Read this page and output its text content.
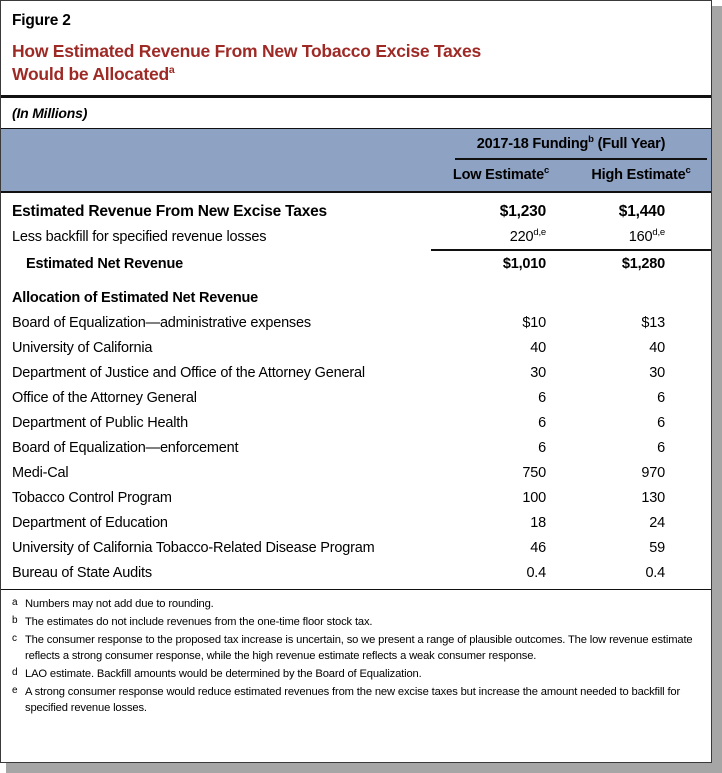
Figure 2
How Estimated Revenue From New Tobacco Excise Taxes
Would be Allocated$^a$
(In Millions)

	2017-18 Funding$^b$ (Full Year)	

	Low Estimate$^c$	High Estimate$^c$

Estimated Revenue From New Excise Taxes	$1,230	$1,440
Less backfill for specified revenue losses	220$^{d,e}$	160$^{d,e}$

Estimated Net Revenue	$1,010	$1,280

Allocation of Estimated Net Revenue		
Board of Equalization—administrative expenses	$10	$13
University of California	40	40
Department of Justice and Office of the Attorney General	30	30
Office of the Attorney General	6	6
Department of Public Health	6	6
Board of Equalization—enforcement	6	6
Medi-Cal	750	970
Tobacco Control Program	100	130
Department of Education	18	24
University of California Tobacco-Related Disease Program	46	59
Bureau of State Audits	0.4	0.4
a Numbers may not add due to rounding.
b The estimates do not include revenues from the one-time floor stock tax.
c The consumer response to the proposed tax increase is uncertain, so we present a range of plausible outcomes. The low revenue estimate reflects a strong consumer response, while the high revenue estimate reflects a weak consumer response.
d LAO estimate. Backfill amounts would be determined by the Board of Equalization.
e A strong consumer response would reduce estimated revenues from the new excise taxes but increase the amount needed to backfill for specified revenue losses.
